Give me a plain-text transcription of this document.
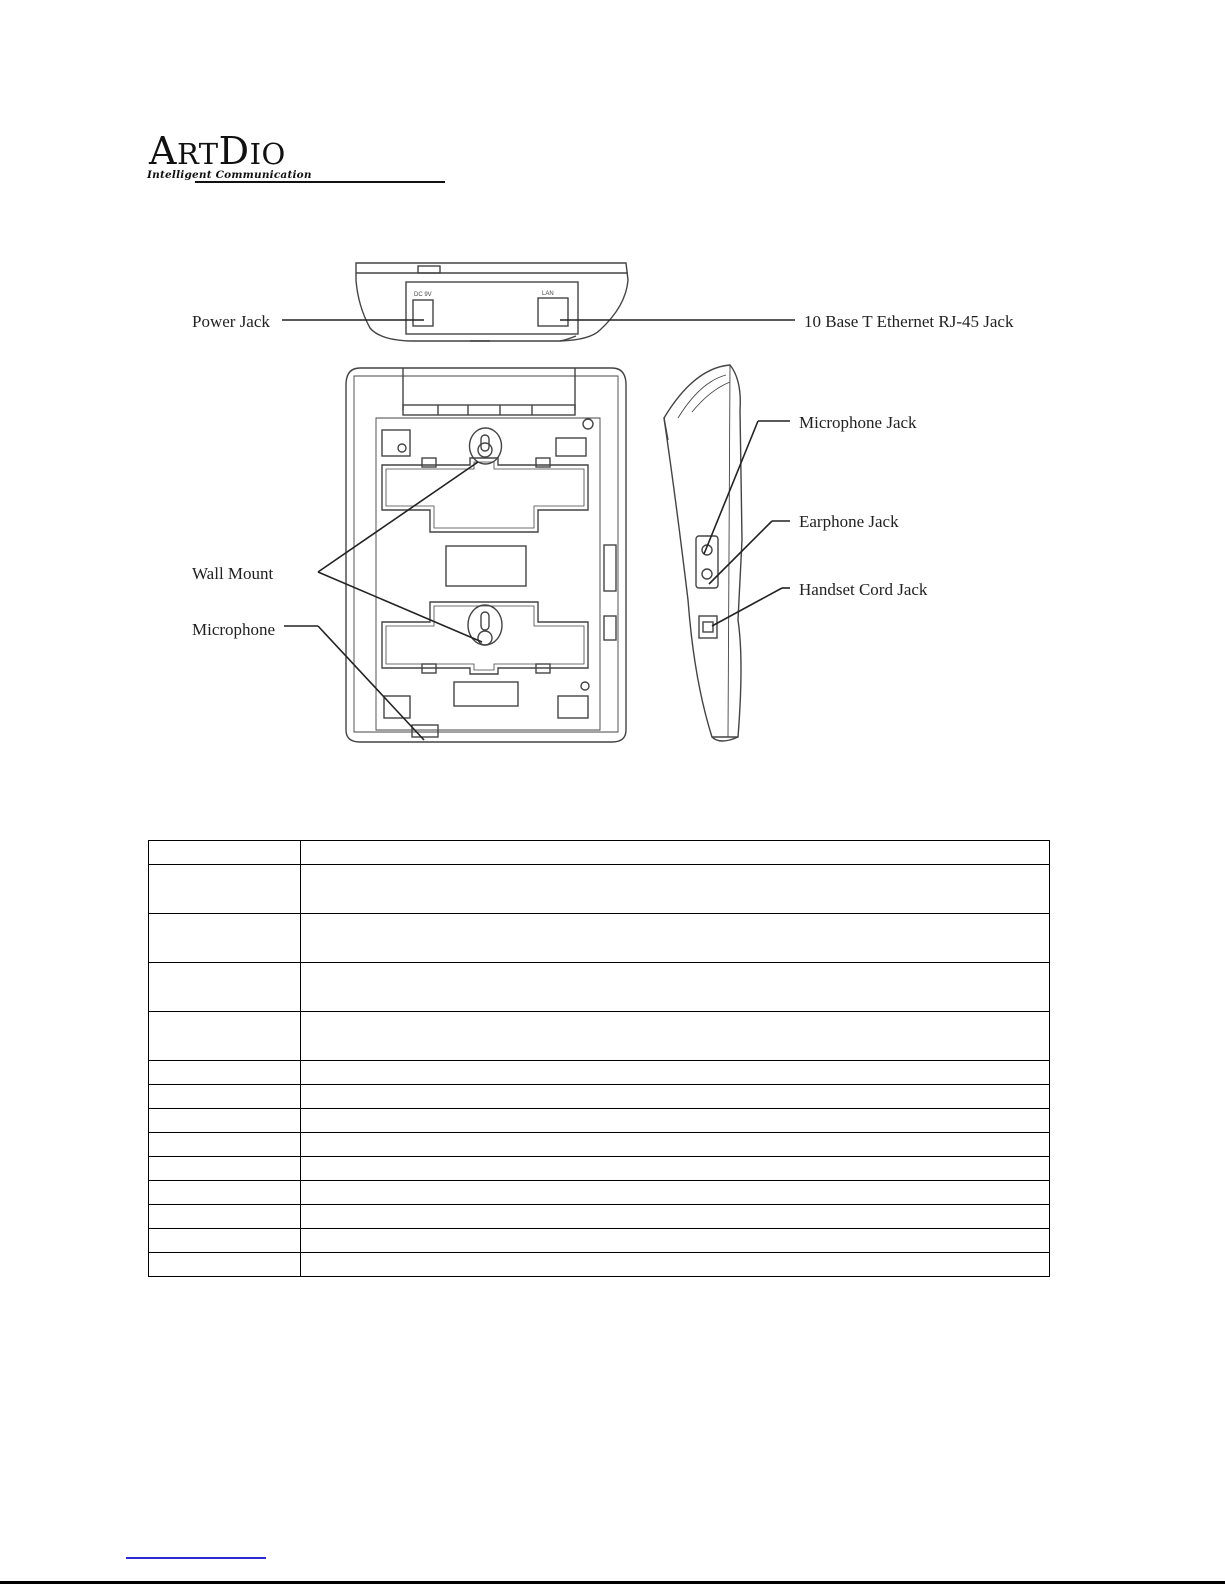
ARTDIO
Intelligent Communication
DC 9V	LAN
Power Jack	10 Base T Ethernet RJ-45 Jack
Microphone Jack
Earphone Jack
Handset Cord Jack
Wall Mount
Microphone
